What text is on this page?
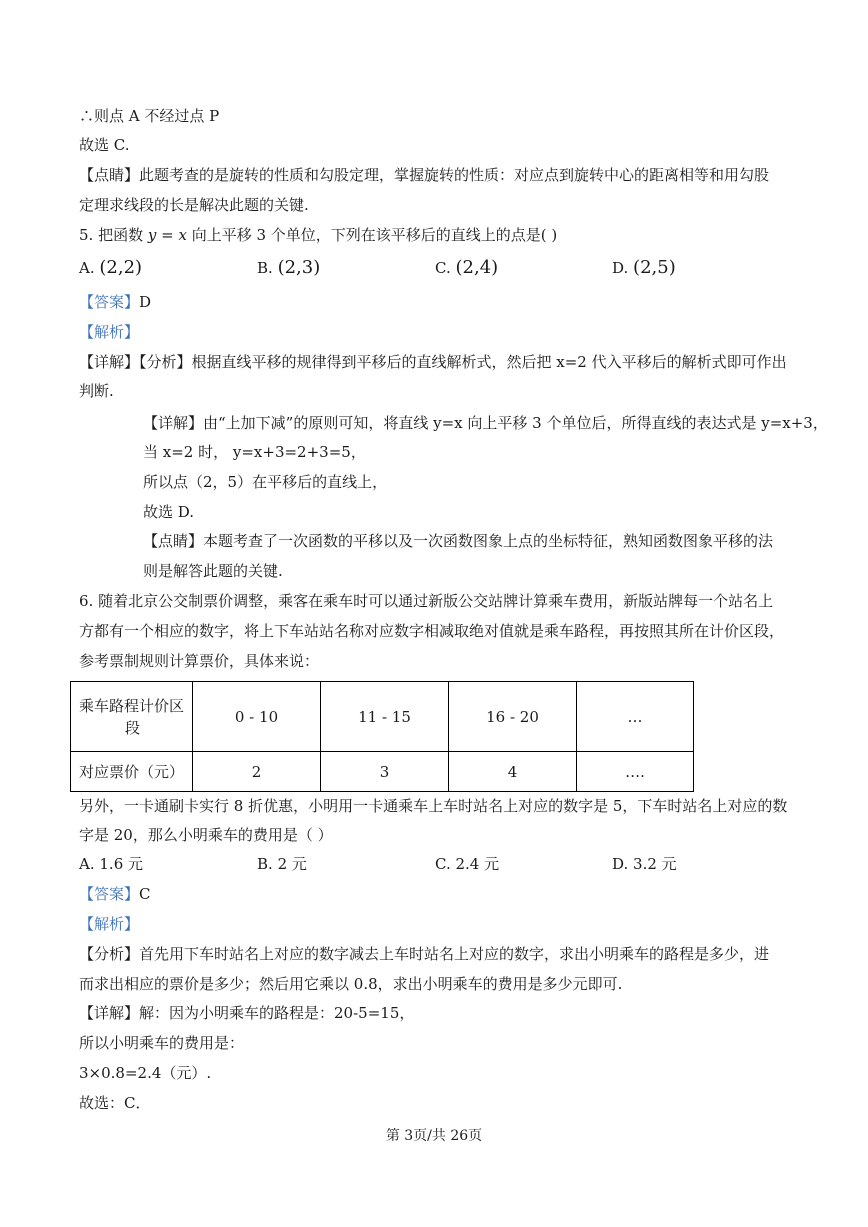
∴则点 A 不经过点 P
故选 C.
【点睛】此题考查的是旋转的性质和勾股定理，掌握旋转的性质：对应点到旋转中心的距离相等和用勾股
定理求线段的长是解决此题的关键.
5. 把函数 y = x 向上平移 3 个单位，下列在该平移后的直线上的点是( )
A. (2,2)	B. (2,3)	C. (2,4)	D. (2,5)
【答案】D
【解析】
【详解】【分析】根据直线平移的规律得到平移后的直线解析式，然后把 x=2 代入平移后的解析式即可作出
判断.
【详解】由“上加下减”的原则可知，将直线 y=x 向上平移 3 个单位后，所得直线的表达式是 y=x+3，
当 x=2 时， y=x+3=2+3=5，
所以点（2，5）在平移后的直线上，
故选 D.
【点睛】本题考查了一次函数的平移以及一次函数图象上点的坐标特征，熟知函数图象平移的法
则是解答此题的关键.
6. 随着北京公交制票价调整，乘客在乘车时可以通过新版公交站牌计算乘车费用，新版站牌每一个站名上
方都有一个相应的数字，将上下车站站名称对应数字相减取绝对值就是乘车路程，再按照其所在计价区段，
参考票制规则计算票价，具体来说：
乘车路程计价区
段	0 - 10	11 - 15	16 - 20	…
对应票价（元）	2	3	4	….
另外，一卡通刷卡实行 8 折优惠，小明用一卡通乘车上车时站名上对应的数字是 5，下车时站名上对应的数
字是 20，那么小明乘车的费用是（ ）
A. 1.6 元	B. 2 元	C. 2.4 元	D. 3.2 元
【答案】C
【解析】
【分析】首先用下车时站名上对应的数字减去上车时站名上对应的数字，求出小明乘车的路程是多少，进
而求出相应的票价是多少；然后用它乘以 0.8，求出小明乘车的费用是多少元即可.
【详解】解：因为小明乘车的路程是：20-5=15，
所以小明乘车的费用是：
3×0.8=2.4（元）.
故选：C．
第 3页/共 26页
